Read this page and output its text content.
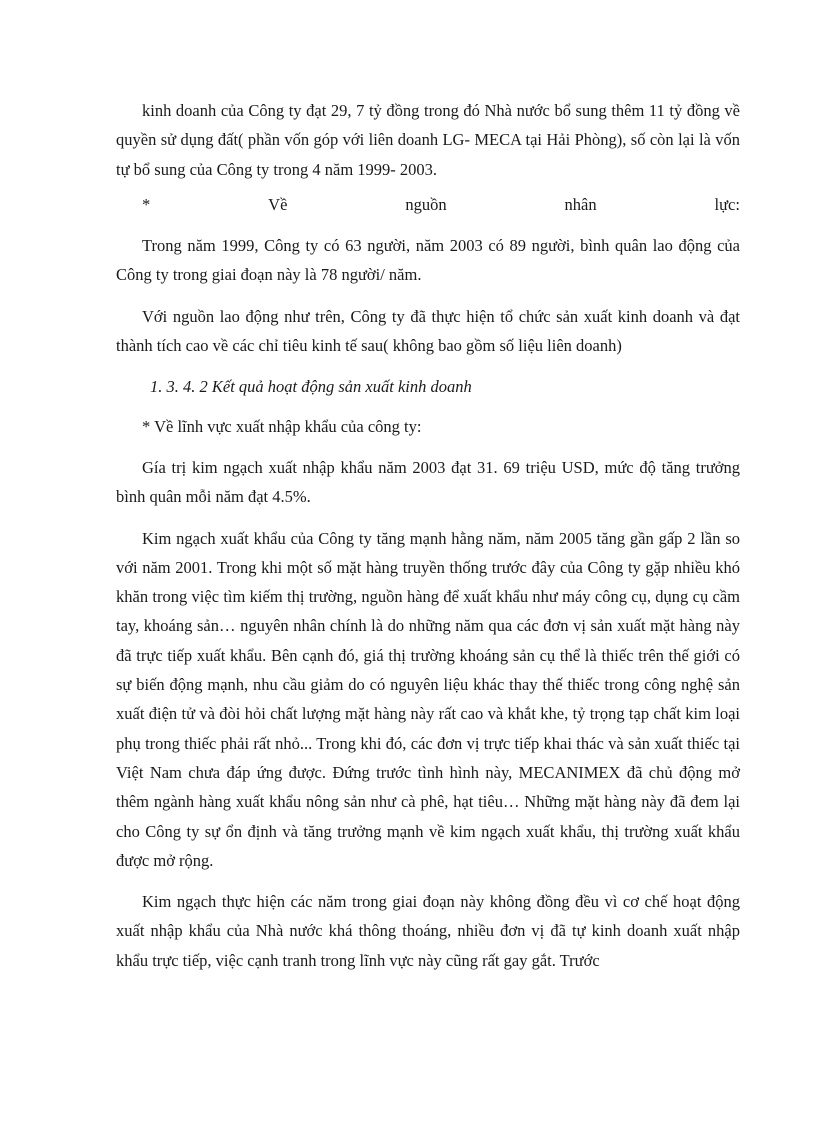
kinh doanh của Công ty đạt 29, 7 tỷ đồng trong đó Nhà nước bổ sung thêm 11 tỷ đồng về quyền sử dụng đất( phần vốn góp với liên doanh LG- MECA tại Hải Phòng), số còn lại là vốn tự bổ sung của Công ty trong 4 năm 1999- 2003.

*	Về	nguồn	nhân	lực:

Trong năm 1999, Công ty có 63 người, năm 2003 có 89 người, bình quân lao động của Công ty trong giai đoạn này là 78 người/ năm.

Với nguồn lao động như trên, Công ty đã thực hiện tổ chức sản xuất kinh doanh và đạt thành tích cao về các chỉ tiêu kinh tế sau( không bao gồm số liệu liên doanh)

1. 3. 4. 2 Kết quả hoạt động sản xuất kinh doanh

* Về lĩnh vực xuất nhập khẩu của công ty:

Gía trị kim ngạch xuất nhập khẩu năm 2003 đạt 31. 69 triệu USD, mức độ tăng trưởng bình quân mỗi năm đạt 4.5%.

Kim ngạch xuất khẩu của Công ty tăng mạnh hằng năm, năm 2005 tăng gần gấp 2 lần so với năm 2001. Trong khi một số mặt hàng truyền thống trước đây của Công ty gặp nhiều khó khăn trong việc tìm kiếm thị trường, nguồn hàng để xuất khẩu như máy công cụ, dụng cụ cầm tay, khoáng sản… nguyên nhân chính là do những năm qua các đơn vị sản xuất mặt hàng này đã trực tiếp xuất khẩu. Bên cạnh đó, giá thị trường khoáng sản cụ thể là thiếc trên thế giới có sự biến động mạnh, nhu cầu giảm do có nguyên liệu khác thay thế thiếc trong công nghệ sản xuất điện tử và đòi hỏi chất lượng mặt hàng này rất cao và khắt khe, tỷ trọng tạp chất kim loại phụ trong thiếc phải rất nhỏ... Trong khi đó, các đơn vị trực tiếp khai thác và sản xuất thiếc tại Việt Nam chưa đáp ứng được. Đứng trước tình hình này, MECANIMEX đã chủ động mở thêm ngành hàng xuất khẩu nông sản như cà phê, hạt tiêu… Những mặt hàng này đã đem lại cho Công ty sự ổn định và tăng trưởng mạnh về kim ngạch xuất khẩu, thị trường xuất khẩu được mở rộng.

Kim ngạch thực hiện các năm trong giai đoạn này không đồng đều vì cơ chế hoạt động xuất nhập khẩu của Nhà nước khá thông thoáng, nhiều đơn vị đã tự kinh doanh xuất nhập khẩu trực tiếp, việc cạnh tranh trong lĩnh vực này cũng rất gay gắt. Trước
